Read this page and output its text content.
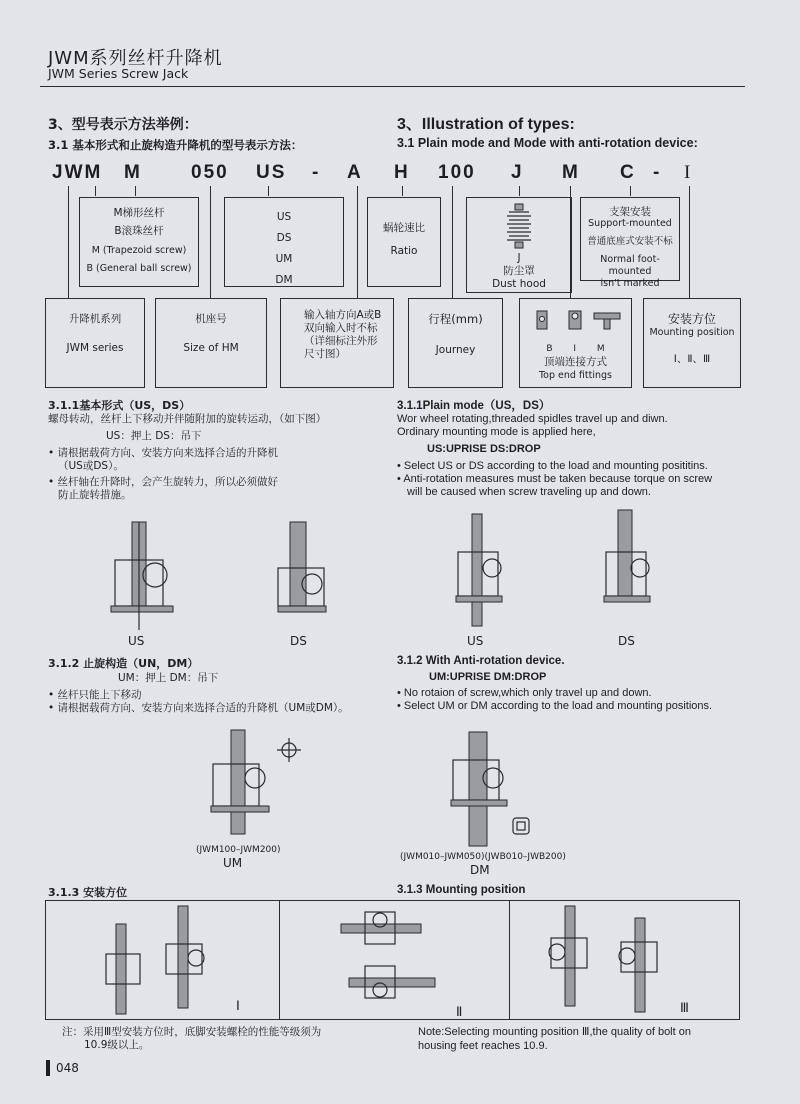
JWM系列丝杆升降机
JWM Series Screw Jack
3、型号表示方法举例：
3.1 基本形式和止旋构造升降机的型号表示方法：
3、Illustration of types:
3.1 Plain mode and Mode with anti-rotation device:
JWM M	050 US - A H 100 J M C - I
M梯形丝杆
B滚珠丝杆
M (Trapezoid screw)
B (General ball screw)
US
DS
UM
DM
蜗轮速比
Ratio
J
防尘罩
Dust hood
支架安装
Support-mounted
普通底座式安装不标
Normal foot-mounted
isn't marked
升降机系列
JWM series
机座号
Size of HM
输入轴方向A或B
双向输入时不标
（详细标注外形
尺寸图）
行程(mm)
Journey	B I M
顶端连接方式
Top end fittings
安装方位
Mounting position
Ⅰ、Ⅱ、Ⅲ
3.1.1基本形式（US，DS）

螺母转动，丝杆上下移动并伴随附加的旋转运动，（如下图）

US：押上 DS：吊下

• 请根据载荷方向、安装方向来选择合适的升降机

（US或DS）。

• 丝杆轴在升降时，会产生旋转力，所以必须做好

防止旋转措施。

3.1.1Plain mode（US，DS）

Wor wheel rotating,threaded spidles travel up and diwn.

Ordinary mounting mode is applied here,

US:UPRISE DS:DROP

• Select US or DS according to the load and mounting posititins.

• Anti-rotation measures must be taken because torque on screw

will be caused when screw traveling up and down.

US	DS	US	DS
3.1.2 止旋构造（UN，DM）

UM：押上 DM：吊下

• 丝杆只能上下移动

• 请根据载荷方向、安装方向来选择合适的升降机（UM或DM）。

3.1.2 With Anti-rotation device.

UM:UPRISE DM:DROP

• No rotaion of screw,which only travel up and down.

• Select UM or DM according to the load and mounting positions.

(JWM100–JWM200)
UM	(JWM010–JWM050)(JWB010–JWB200)
DM
3.1.3 安装方位	3.1.3 Mounting position
Ⅰ	Ⅱ	Ⅲ
注：采用Ⅲ型安装方位时，底脚安装螺栓的性能等级须为
10.9级以上。
Note:Selecting mounting position Ⅲ,the quality of bolt on
housing feet reaches 10.9.
048
